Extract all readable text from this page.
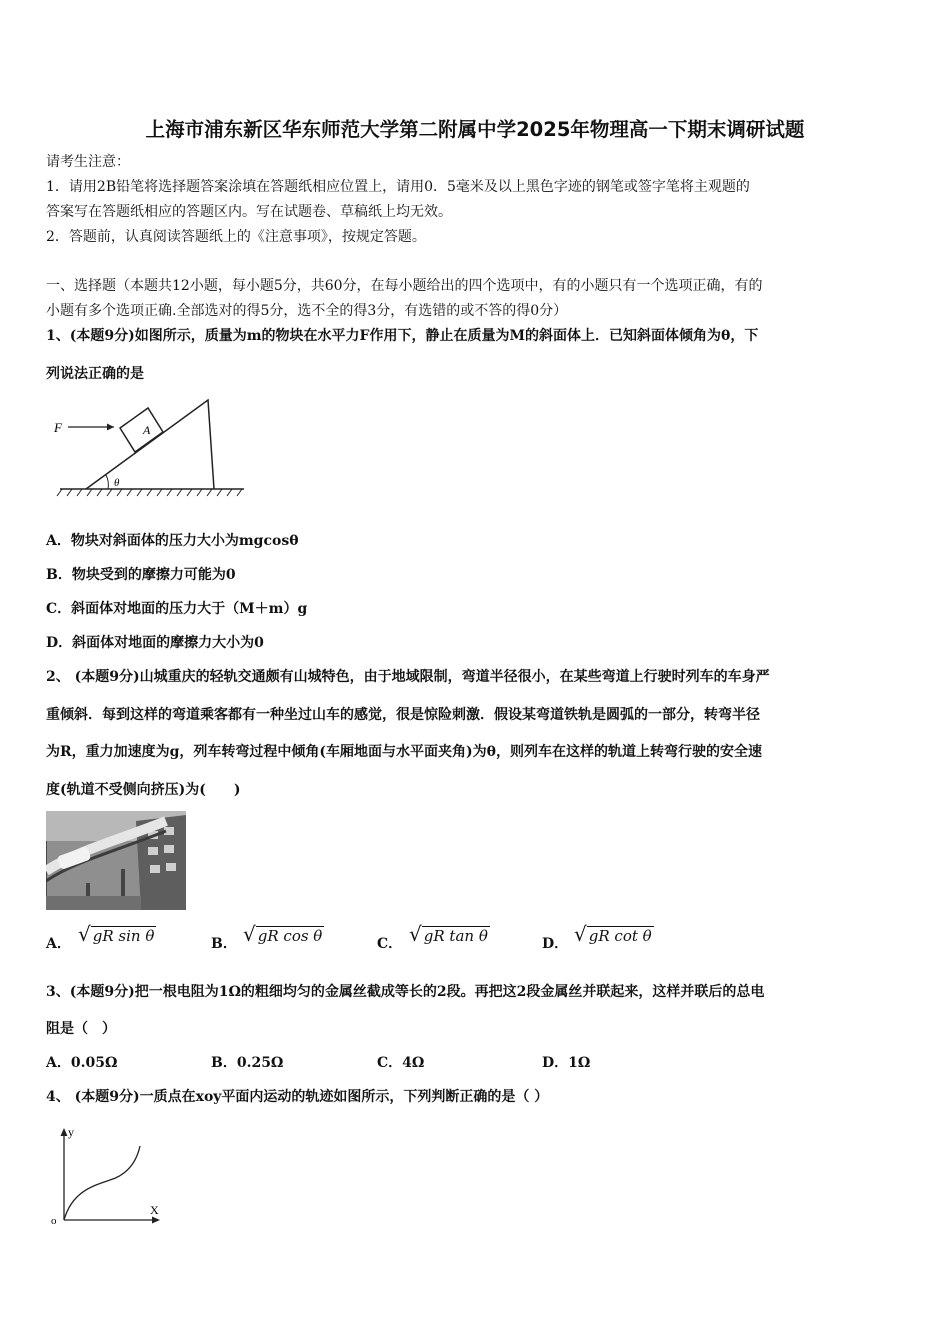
上海市浦东新区华东师范大学第二附属中学2025年物理高一下期末调研试题
请考生注意：
1．请用2B铅笔将选择题答案涂填在答题纸相应位置上，请用0．5毫米及以上黑色字迹的钢笔或签字笔将主观题的
答案写在答题纸相应的答题区内。写在试题卷、草稿纸上均无效。
2．答题前，认真阅读答题纸上的《注意事项》，按规定答题。
一、选择题（本题共12小题，每小题5分，共60分，在每小题给出的四个选项中，有的小题只有一个选项正确，有的
小题有多个选项正确.全部选对的得5分，选不全的得3分，有选错的或不答的得0分）
1、(本题9分)如图所示，质量为m的物块在水平力F作用下，静止在质量为M的斜面体上．已知斜面体倾角为θ，下
列说法正确的是
A
F
θ
A．物块对斜面体的压力大小为mgcosθ
B．物块受到的摩擦力可能为0
C．斜面体对地面的压力大于（M＋m）g
D．斜面体对地面的摩擦力大小为0
2、 (本题9分)山城重庆的轻轨交通颇有山城特色，由于地域限制，弯道半径很小，在某些弯道上行驶时列车的车身严
重倾斜．每到这样的弯道乘客都有一种坐过山车的感觉，很是惊险刺激．假设某弯道铁轨是圆弧的一部分，转弯半径
为R，重力加速度为g，列车转弯过程中倾角(车厢地面与水平面夹角)为θ，则列车在这样的轨道上转弯行驶的安全速
度(轨道不受侧向挤压)为(　　)
A． √ gR sin θ	B． √ gR cos θ	C． √ gR tan θ	D． √ gR cot θ
3、(本题9分)把一根电阻为1Ω的粗细均匀的金属丝截成等长的2段。再把这2段金属丝并联起来，这样并联后的总电
阻是（　）
A．0.05Ω	B．0.25Ω	C．4Ω	D．1Ω
4、 (本题9分)一质点在xoy平面内运动的轨迹如图所示，下列判断正确的是（ ）
y
X
o
